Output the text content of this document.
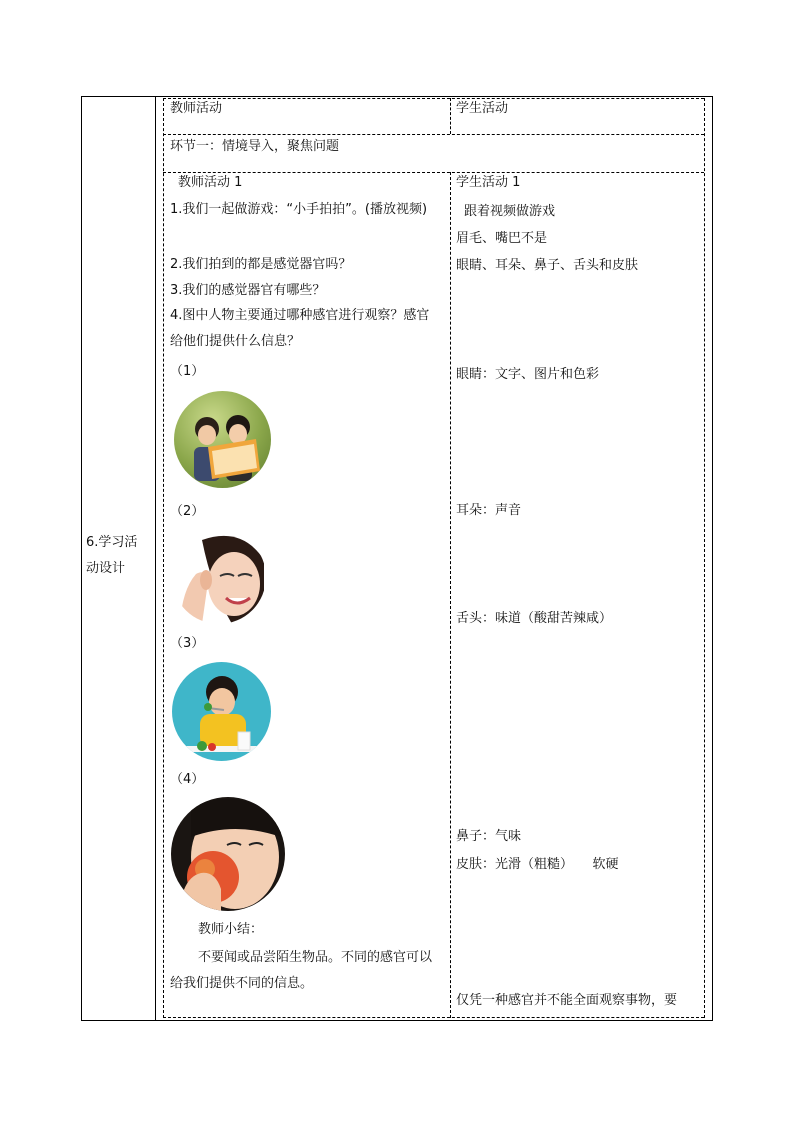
6.学习活动设计
教师活动	学生活动
环节一：情境导入，聚焦问题
教师活动 1
1.我们一起做游戏：“小手拍拍”。(播放视频)
2.我们拍到的都是感觉器官吗？
3.我们的感觉器官有哪些？
4.图中人物主要通过哪种感官进行观察？感官给他们提供什么信息？
（1）
（2）
（3）
（4）
教师小结：
不要闻或品尝陌生物品。不同的感官可以给我们提供不同的信息。
学生活动 1
跟着视频做游戏
眉毛、嘴巴不是
眼睛、耳朵、鼻子、舌头和皮肤
眼睛：文字、图片和色彩
耳朵：声音
舌头：味道（酸甜苦辣咸）
鼻子：气味
皮肤：光滑（粗糙）　　软硬
仅凭一种感官并不能全面观察事物，要
